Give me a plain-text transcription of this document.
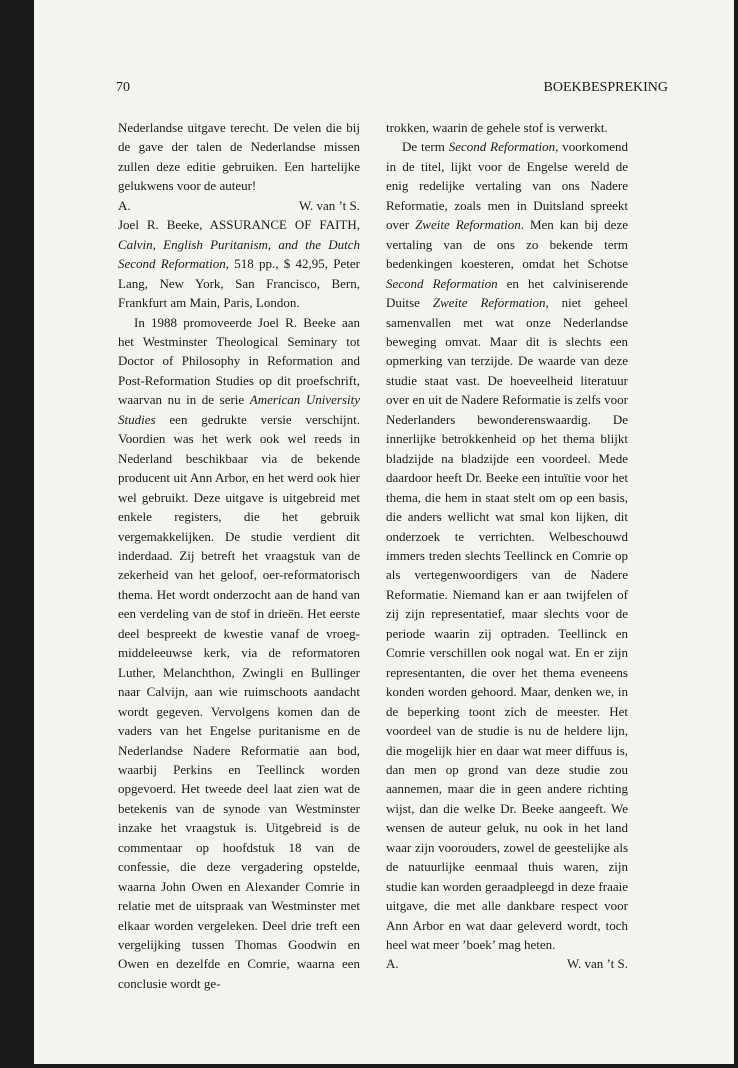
70	BOEKBESPREKING

Nederlandse uitgave terecht. De velen die bij de gave der talen de Nederlandse missen zullen deze editie gebruiken. Een hartelijke gelukwens voor de auteur!

A.	W. van ’t S.

Joel R. Beeke, ASSURANCE OF FAITH, Calvin, English Puritanism, and the Dutch Second Reformation, 518 pp., $ 42,95, Peter Lang, New York, San Francisco, Bern, Frankfurt am Main, Paris, London.

In 1988 promoveerde Joel R. Beeke aan het Westminster Theological Seminary tot Doctor of Philosophy in Reformation and Post-Reformation Studies op dit proefschrift, waarvan nu in de serie American University Studies een gedrukte versie verschijnt. Voordien was het werk ook wel reeds in Nederland beschikbaar via de bekende producent uit Ann Arbor, en het werd ook hier wel gebruikt. Deze uitgave is uitgebreid met enkele registers, die het gebruik vergemakkelijken. De studie verdient dit inderdaad. Zij betreft het vraagstuk van de zekerheid van het geloof, oer-reformatorisch thema. Het wordt onderzocht aan de hand van een verdeling van de stof in drieën. Het eerste deel bespreekt de kwestie vanaf de vroeg-middeleeuwse kerk, via de reformatoren Luther, Melanchthon, Zwingli en Bullinger naar Calvijn, aan wie ruimschoots aandacht wordt gegeven. Vervolgens komen dan de vaders van het Engelse puritanisme en de Nederlandse Nadere Reformatie aan bod, waarbij Perkins en Teellinck worden opgevoerd. Het tweede deel laat zien wat de betekenis van de synode van Westminster inzake het vraagstuk is. Uitgebreid is de commentaar op hoofdstuk 18 van de confessie, die deze vergadering opstelde, waarna John Owen en Alexander Comrie in relatie met de uitspraak van Westminster met elkaar worden vergeleken. Deel drie treft een vergelijking tussen Thomas Goodwin en Owen en dezelfde en Comrie, waarna een conclusie wordt ge-

trokken, waarin de gehele stof is verwerkt.

De term Second Reformation, voorkomend in de titel, lijkt voor de Engelse wereld de enig redelijke vertaling van ons Nadere Reformatie, zoals men in Duitsland spreekt over Zweite Reformation. Men kan bij deze vertaling van de ons zo bekende term bedenkingen koesteren, omdat het Schotse Second Reformation en het calviniserende Duitse Zweite Reformation, niet geheel samenvallen met wat onze Nederlandse beweging omvat. Maar dit is slechts een opmerking van terzijde. De waarde van deze studie staat vast. De hoeveelheid literatuur over en uit de Nadere Reformatie is zelfs voor Nederlanders bewonderenswaardig. De innerlijke betrokkenheid op het thema blijkt bladzijde na bladzijde een voordeel. Mede daardoor heeft Dr. Beeke een intuïtie voor het thema, die hem in staat stelt om op een basis, die anders wellicht wat smal kon lijken, dit onderzoek te verrichten. Welbeschouwd immers treden slechts Teellinck en Comrie op als vertegenwoordigers van de Nadere Reformatie. Niemand kan er aan twijfelen of zij zijn representatief, maar slechts voor de periode waarin zij optraden. Teellinck en Comrie verschillen ook nogal wat. En er zijn representanten, die over het thema eveneens konden worden gehoord. Maar, denken we, in de beperking toont zich de meester. Het voordeel van de studie is nu de heldere lijn, die mogelijk hier en daar wat meer diffuus is, dan men op grond van deze studie zou aannemen, maar die in geen andere richting wijst, dan die welke Dr. Beeke aangeeft. We wensen de auteur geluk, nu ook in het land waar zijn voorouders, zowel de geestelijke als de natuurlijke eenmaal thuis waren, zijn studie kan worden geraadpleegd in deze fraaie uitgave, die met alle dankbare respect voor Ann Arbor en wat daar geleverd wordt, toch heel wat meer ’boek’ mag heten.

A.	W. van ’t S.
